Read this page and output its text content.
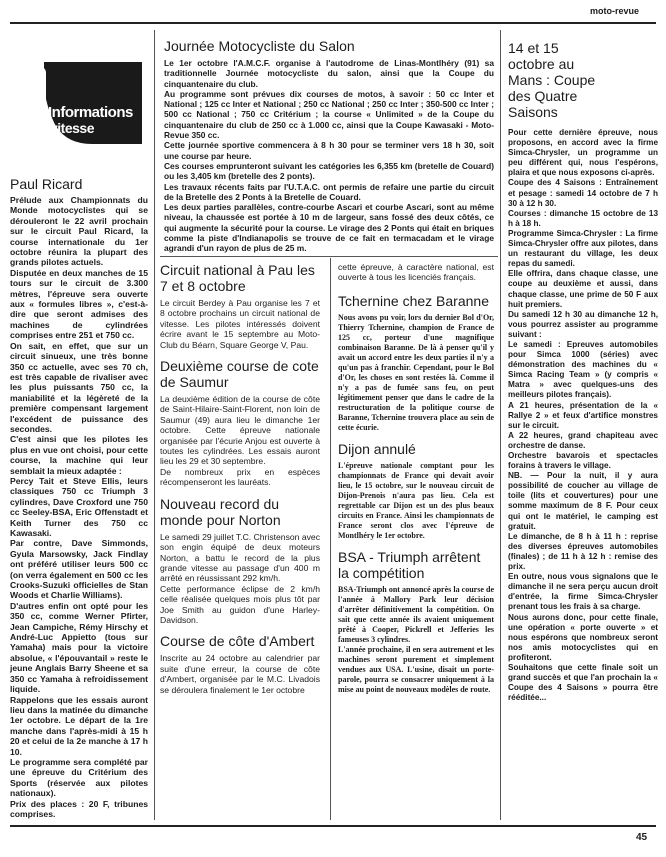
moto-revue
Informations
vitesse
Paul Ricard

Prélude aux Championnats du Monde motocyclistes qui se dérouleront le 22 avril prochain sur le circuit Paul Ricard, la course internationale du 1er octobre réunira la plupart des grands pilotes actuels.

Disputée en deux manches de 15 tours sur le circuit de 3.300 mètres, l'épreuve sera ouverte aux « formules libres », c'est-à-dire que seront admises des machines de cylindrées comprises entre 251 et 750 cc.

On sait, en effet, que sur un circuit sinueux, une très bonne 350 cc actuelle, avec ses 70 ch, est très capable de rivaliser avec les plus puissants 750 cc, la maniabilité et la légèreté de la première compensant largement l'excédent de puissance des secondes.

C'est ainsi que les pilotes les plus en vue ont choisi, pour cette course, la machine qui leur semblait la mieux adaptée :

Percy Tait et Steve Ellis, leurs classiques 750 cc Triumph 3 cylindres, Dave Croxford une 750 cc Seeley-BSA, Eric Offenstadt et Keith Turner des 750 cc Kawasaki.

Par contre, Dave Simmonds, Gyula Marsowsky, Jack Findlay ont préféré utiliser leurs 500 cc (on verra également en 500 cc les Crooks-Suzuki officielles de Stan Woods et Charlie Williams).

D'autres enfin ont opté pour les 350 cc, comme Werner Pfirter, Jean Campiche, Rémy Hirschy et André-Luc Appietto (tous sur Yamaha) mais pour la victoire absolue, « l'épouvantail » reste le jeune Anglais Barry Sheene et sa 350 cc Yamaha à refroidissement liquide.

Rappelons que les essais auront lieu dans la matinée du dimanche 1er octobre. Le départ de la 1re manche dans l'après-midi à 15 h 20 et celui de la 2e manche à 17 h 10.

Le programme sera complété par une épreuve du Critérium des Sports (réservée aux pilotes nationaux).

Prix des places : 20 F, tribunes comprises.

Journée Motocycliste du Salon

Le 1er octobre l'A.M.C.F. organise à l'autodrome de Linas-Montlhéry (91) sa traditionnelle Journée motocycliste du salon, ainsi que la Coupe du cinquantenaire du club.

Au programme sont prévues dix courses de motos, à savoir : 50 cc Inter et National ; 125 cc Inter et National ; 250 cc National ; 250 cc Inter ; 350-500 cc Inter ; 500 cc National ; 750 cc Critérium ; la course « Unlimited » de la Coupe du cinquantenaire du club de 250 cc à 1.000 cc, ainsi que la Coupe Kawasaki - Moto-Revue 350 cc.

Cette journée sportive commencera à 8 h 30 pour se terminer vers 18 h 30, soit une course par heure.

Ces courses emprunteront suivant les catégories les 6,355 km (bretelle de Couard) ou les 3,405 km (bretelle des 2 ponts).

Les travaux récents faits par l'U.T.A.C. ont permis de refaire une partie du circuit de la Bretelle des 2 Ponts à la Bretelle de Couard.

Les deux parties parallèles, contre-courbe Ascari et courbe Ascari, sont au même niveau, la chaussée est portée à 10 m de largeur, sans fossé des deux côtés, ce qui augmente la sécurité pour la course. Le virage des 2 Ponts qui était en briques comme la piste d'Indianapolis se trouve de ce fait en termacadam et le virage agrandi d'un rayon de plus de 25 m.

Circuit national à Pau les 7 et 8 octobre

Le circuit Berdey à Pau organise les 7 et 8 octobre prochains un circuit national de vitesse. Les pilotes intéressés doivent écrire avant le 15 septembre au Moto-Club du Béarn, Square George V, Pau.

Deuxième course de cote de Saumur

La deuxième édition de la course de côte de Saint-Hilaire-Saint-Florent, non loin de Saumur (49) aura lieu le dimanche 1er octobre. Cette épreuve nationale organisée par l'écurie Anjou est ouverte à toutes les cylindrées. Les essais auront lieu les 29 et 30 septembre.

De nombreux prix en espèces récompenseront les lauréats.

Nouveau record du monde pour Norton

Le samedi 29 juillet T.C. Christenson avec son engin équipé de deux moteurs Norton, a battu le record de la plus grande vitesse au passage d'un 400 m arrêté en réussissant 292 km/h.

Cette performance éclipse de 2 km/h celle réalisée quelques mois plus tôt par Joe Smith au guidon d'une Harley-Davidson.

Course de côte d'Ambert

Inscrite au 24 octobre au calendrier par suite d'une erreur, la course de côte d'Ambert, organisée par le M.C. Livadois se déroulera finalement le 1er octobre

cette épreuve, à caractère national, est ouverte à tous les licenciés français.

Tchernine chez Baranne

Nous avons pu voir, lors du dernier Bol d'Or, Thierry Tchernine, champion de France de 125 cc, porteur d'une magnifique combinaison Baranne. De là à penser qu'il y avait un accord entre les deux parties il n'y a qu'un pas à franchir. Cependant, pour le Bol d'Or, les choses en sont restées là. Comme il n'y a pas de fumée sans feu, on peut légitimement penser que dans le cadre de la restructuration de la politique course de Baranne, Tchernine trouvera place au sein de cette écurie.

Dijon annulé

L'épreuve nationale comptant pour les championnats de France qui devait avoir lieu, le 15 octobre, sur le nouveau circuit de Dijon-Prenois n'aura pas lieu. Cela est regrettable car Dijon est un des plus beaux circuits en France. Ainsi les championnats de France seront clos avec l'épreuve de Montlhéry le 1er octobre.

BSA - Triumph arrêtent la compétition

BSA-Triumph ont annoncé après la course de l'année à Mallory Park leur décision d'arrêter définitivement la compétition. On sait que cette année ils avaient uniquement prêté à Cooper, Pickrell et Jefferies les fameuses 3 cylindres.

L'année prochaine, il en sera autrement et les machines seront purement et simplement vendues aux USA. L'usine, disait un porte-parole, pourra se consacrer uniquement à la mise au point de nouveaux modèles de route.

14 et 15 octobre au Mans : Coupe des Quatre Saisons

Pour cette dernière épreuve, nous proposons, en accord avec la firme Simca-Chrysler, un programme un peu différent qui, nous l'espérons, plaira et que nous exposons ci-après.

Coupe des 4 Saisons : Entraînement et pesage : samedi 14 octobre de 7 h 30 à 12 h 30.

Courses : dimanche 15 octobre de 13 h à 18 h.

Programme Simca-Chrysler : La firme Simca-Chrysler offre aux pilotes, dans un restaurant du village, les deux repas du samedi.

Elle offrira, dans chaque classe, une coupe au deuxième et aussi, dans chaque classe, une prime de 50 F aux huit premiers.

Du samedi 12 h 30 au dimanche 12 h, vous pourrez assister au programme suivant :

Le samedi : Epreuves automobiles pour Simca 1000 (séries) avec démonstration des machines du « Simca Racing Team » (y compris « Matra » avec quelques-uns des meilleurs pilotes français).

A 21 heures, présentation de la « Rallye 2 » et feux d'artifice monstres sur le circuit.

A 22 heures, grand chapiteau avec orchestre de danse.

Orchestre bavarois et spectacles forains à travers le village.

NB. — Pour la nuit, il y aura possibilité de coucher au village de toile (lits et couvertures) pour une somme maximum de 8 F. Pour ceux qui ont le matériel, le camping est gratuit.

Le dimanche, de 8 h à 11 h : reprise des diverses épreuves automobiles (finales) ; de 11 h à 12 h : remise des prix.

En outre, nous vous signalons que le dimanche il ne sera perçu aucun droit d'entrée, la firme Simca-Chrysler prenant tous les frais à sa charge.

Nous aurons donc, pour cette finale, une opération « porte ouverte » et nous espérons que nombreux seront nos amis motocyclistes qui en profiteront.

Souhaitons que cette finale soit un grand succès et que l'an prochain la « Coupe des 4 Saisons » pourra être rééditée...

45
